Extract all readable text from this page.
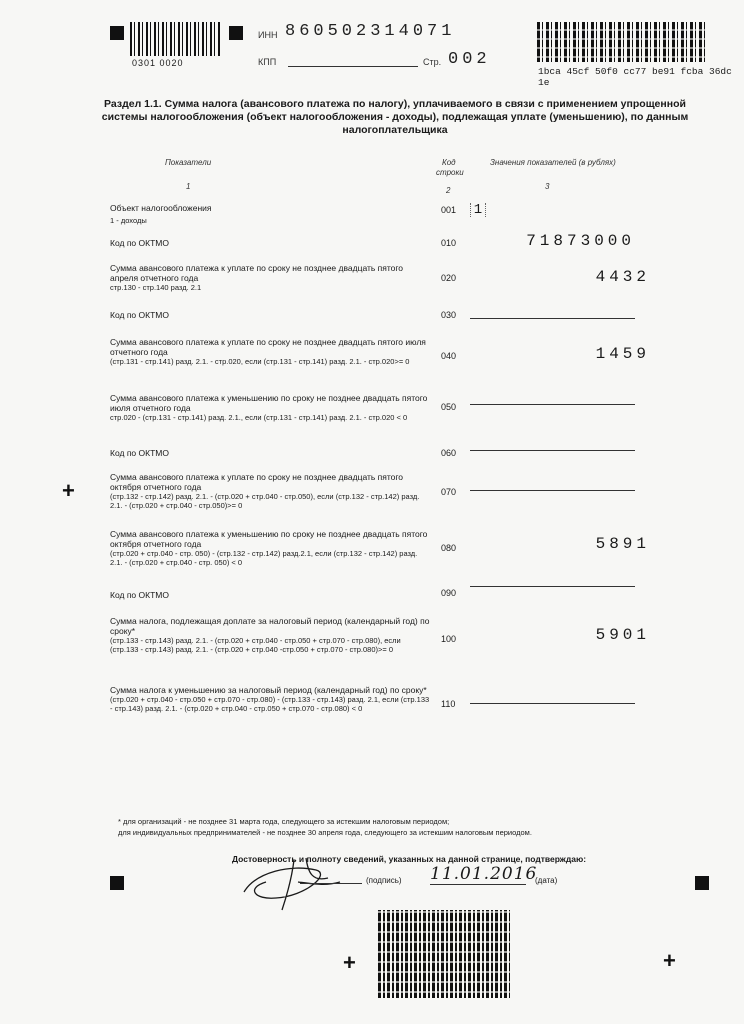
0301 0020
ИНН 860502314071
КПП	Стр. 002
1bca 45cf 50f0 cc77 be91 fcba 36dc 1e
Раздел 1.1. Сумма налога (авансового платежа по налогу), уплачиваемого в связи с применением упрощенной системы налогообложения (объект налогообложения - доходы), подлежащая уплате (уменьшению), по данным налогоплательщика
Показатели	Код
строки
Значения показателей (в рублях)
1	2	3
Объект налогообложения
1 - доходы
001 1
Код по ОКТМО	010	71873000
Сумма авансового платежа к уплате по сроку не позднее двадцать пятого апреля отчетного года
стр.130 - стр.140 разд. 2.1
020	4432
Код по ОКТМО	030
Сумма авансового платежа к уплате по сроку не позднее двадцать пятого июля отчетного года
(стр.131 - стр.141) разд. 2.1. - стр.020, если (стр.131 - стр.141) разд. 2.1. - стр.020>= 0
040	1459
Сумма авансового платежа к уменьшению по сроку не позднее двадцать пятого июля отчетного года
стр.020 - (стр.131 - стр.141) разд. 2.1., если (стр.131 - стр.141) разд. 2.1. - стр.020 < 0
050
Код по ОКТМО	060
Сумма авансового платежа к уплате по сроку не позднее двадцать пятого октября отчетного года
(стр.132 - стр.142) разд. 2.1. - (стр.020 + стр.040 - стр.050), если (стр.132 - стр.142) разд. 2.1. - (стр.020 + стр.040 - стр.050)>= 0
070
Сумма авансового платежа к уменьшению по сроку не позднее двадцать пятого октября отчетного года
(стр.020 + стр.040 - стр. 050) - (стр.132 - стр.142) разд.2.1, если (стр.132 - стр.142) разд. 2.1. - (стр.020 + стр.040 - стр. 050) < 0
080	5891
Код по ОКТМО	090
Сумма налога, подлежащая доплате за налоговый период (календарный год) по сроку*
(стр.133 - стр.143) разд. 2.1. - (стр.020 + стр.040 - стр.050 + стр.070 - стр.080), если (стр.133 - стр.143) разд. 2.1. - (стр.020 + стр.040 -стр.050 + стр.070 - стр.080)>= 0
100	5901
Сумма налога к уменьшению за налоговый период (календарный год) по сроку*
(стр.020 + стр.040 - стр.050 + стр.070 - стр.080) - (стр.133 - стр.143) разд. 2.1, если (стр.133 - стр.143) разд. 2.1. - (стр.020 + стр.040 - стр.050 + стр.070 - стр.080) < 0	110
+
+	+
* для организаций - не позднее 31 марта года, следующего за истекшим налоговым периодом;
для индивидуальных предпринимателей - не позднее 30 апреля года, следующего за истекшим налоговым периодом.
Достоверность и полноту сведений, указанных на данной странице, подтверждаю:
(подпись) 11.01.2016
(дата)
